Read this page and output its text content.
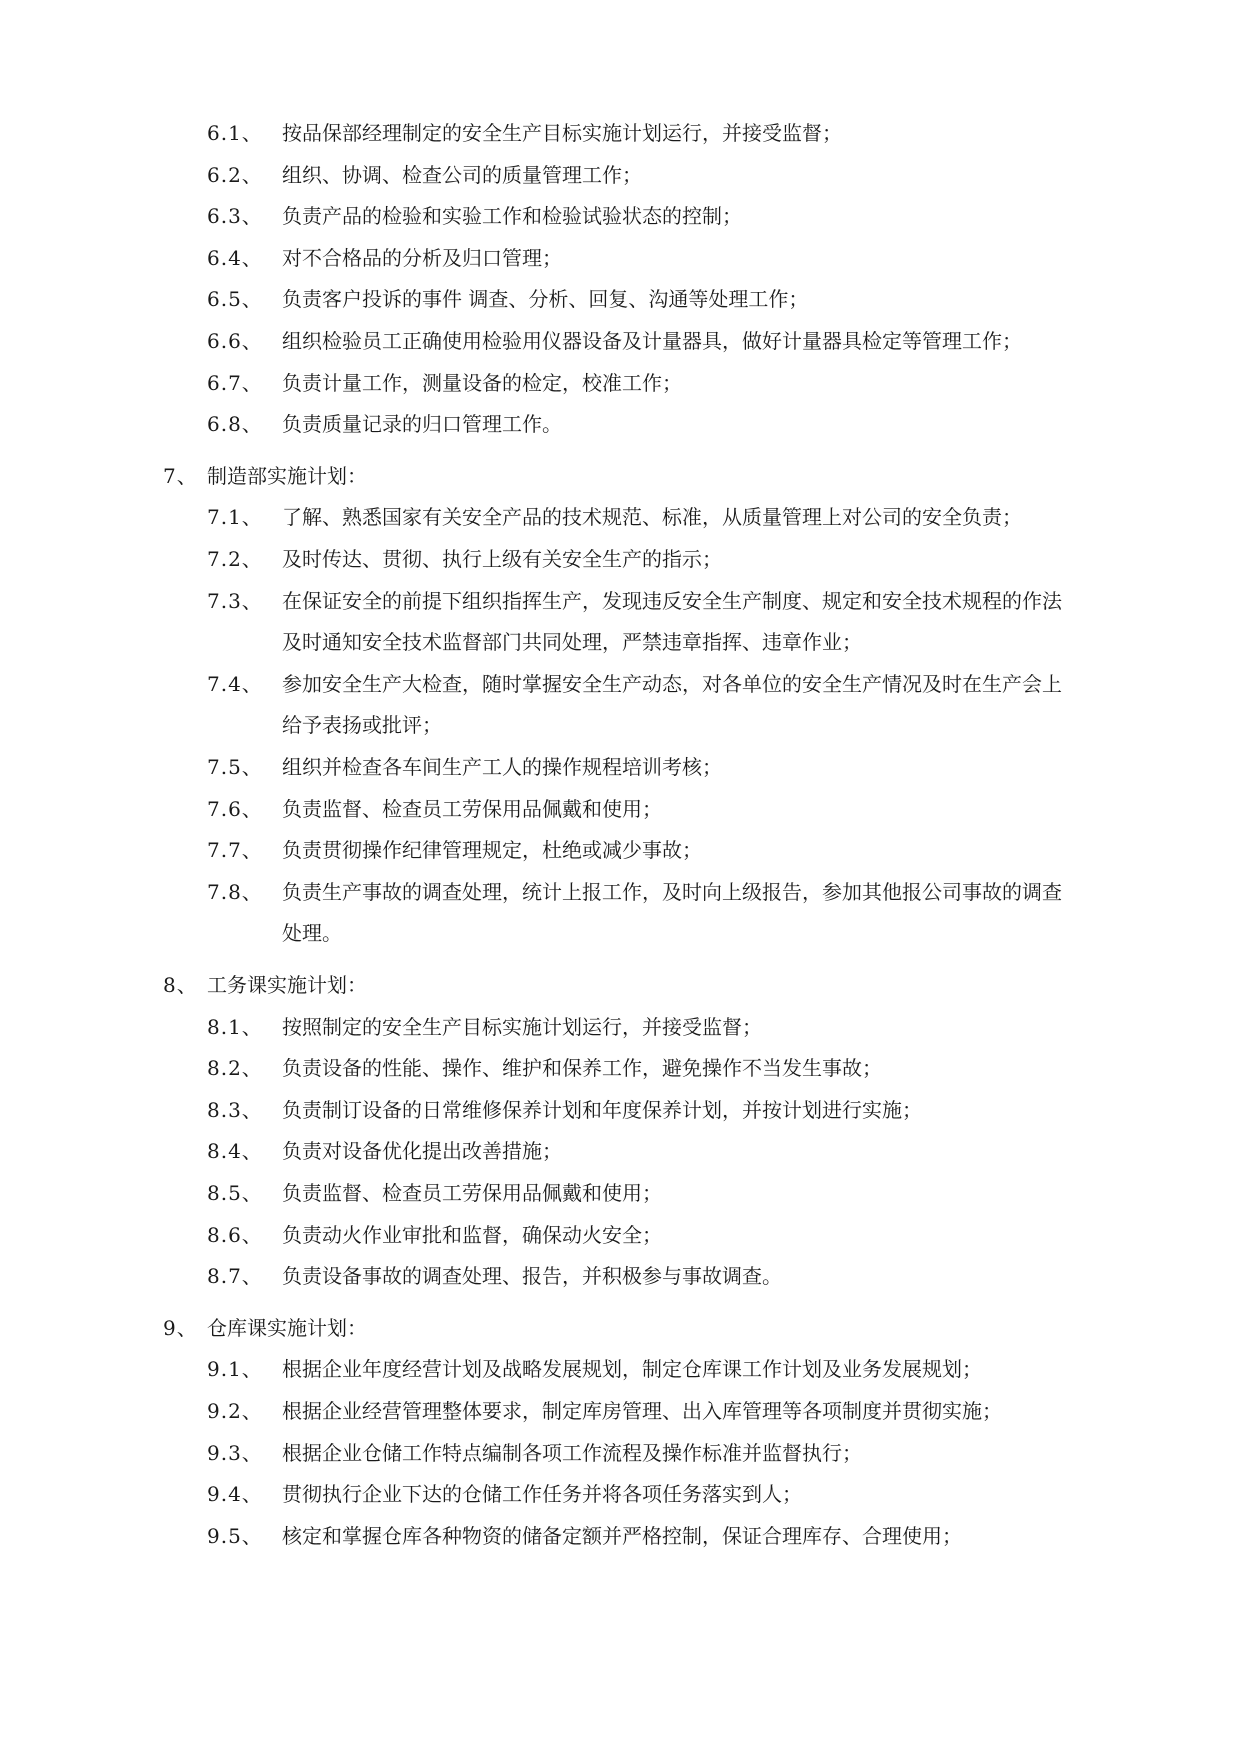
6.1、 按品保部经理制定的安全生产目标实施计划运行，并接受监督；
6.2、 组织、协调、检查公司的质量管理工作；
6.3、 负责产品的检验和实验工作和检验试验状态的控制；
6.4、 对不合格品的分析及归口管理；
6.5、 负责客户投诉的事件 调查、分析、回复、沟通等处理工作；
6.6、 组织检验员工正确使用检验用仪器设备及计量器具，做好计量器具检定等管理工作；
6.7、 负责计量工作，测量设备的检定，校准工作；
6.8、 负责质量记录的归口管理工作。
7、 制造部实施计划：
7.1、 了解、熟悉国家有关安全产品的技术规范、标准，从质量管理上对公司的安全负责；
7.2、 及时传达、贯彻、执行上级有关安全生产的指示；
7.3、 在保证安全的前提下组织指挥生产，发现违反安全生产制度、规定和安全技术规程的作法
及时通知安全技术监督部门共同处理，严禁违章指挥、违章作业；
7.4、 参加安全生产大检查，随时掌握安全生产动态，对各单位的安全生产情况及时在生产会上
给予表扬或批评；
7.5、 组织并检查各车间生产工人的操作规程培训考核；
7.6、 负责监督、检查员工劳保用品佩戴和使用；
7.7、 负责贯彻操作纪律管理规定，杜绝或减少事故；
7.8、 负责生产事故的调查处理，统计上报工作，及时向上级报告，参加其他报公司事故的调查
处理。
8、 工务课实施计划：
8.1、 按照制定的安全生产目标实施计划运行，并接受监督；
8.2、 负责设备的性能、操作、维护和保养工作，避免操作不当发生事故；
8.3、 负责制订设备的日常维修保养计划和年度保养计划，并按计划进行实施；
8.4、 负责对设备优化提出改善措施；
8.5、 负责监督、检查员工劳保用品佩戴和使用；
8.6、 负责动火作业审批和监督，确保动火安全；
8.7、 负责设备事故的调查处理、报告，并积极参与事故调查。
9、 仓库课实施计划：
9.1、 根据企业年度经营计划及战略发展规划，制定仓库课工作计划及业务发展规划；
9.2、 根据企业经营管理整体要求，制定库房管理、出入库管理等各项制度并贯彻实施；
9.3、 根据企业仓储工作特点编制各项工作流程及操作标准并监督执行；
9.4、 贯彻执行企业下达的仓储工作任务并将各项任务落实到人；
9.5、 核定和掌握仓库各种物资的储备定额并严格控制，保证合理库存、合理使用；
